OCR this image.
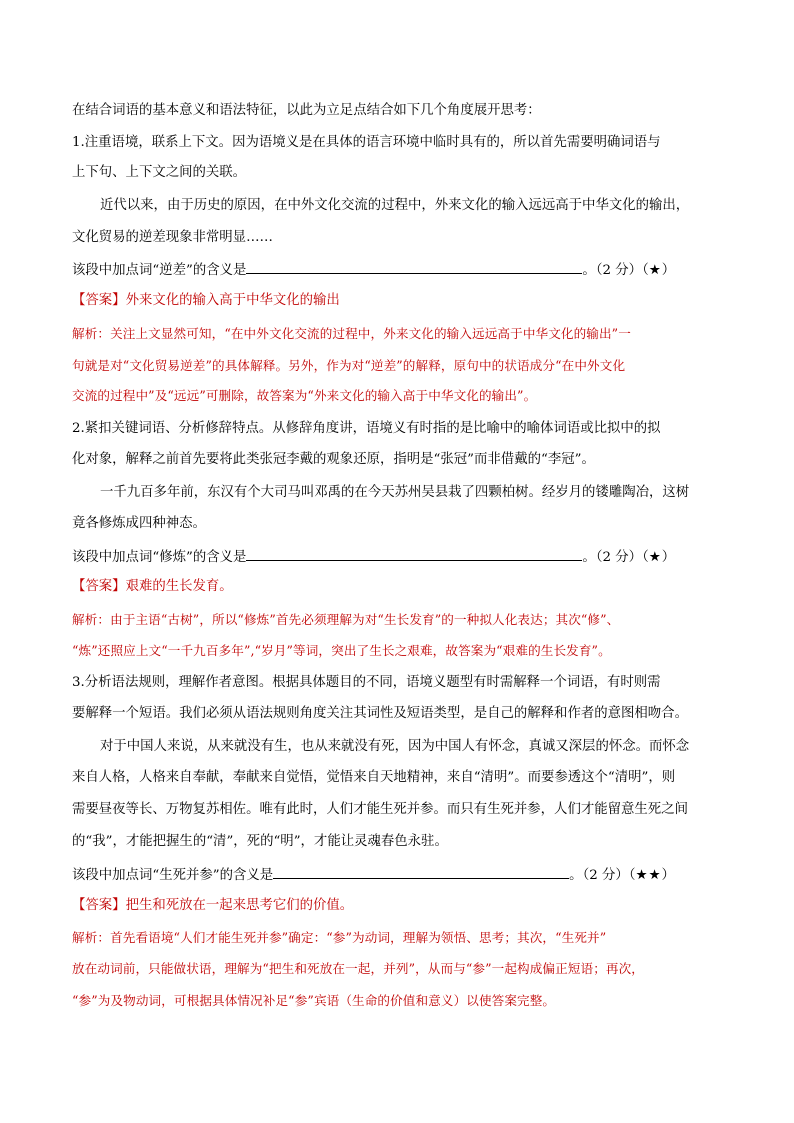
在结合词语的基本意义和语法特征，以此为立足点结合如下几个角度展开思考：
1.注重语境，联系上下文。因为语境义是在具体的语言环境中临时具有的，所以首先需要明确词语与
上下句、上下文之间的关联。
近代以来，由于历史的原因，在中外文化交流的过程中，外来文化的输入远远高于中华文化的输出，
文化贸易的逆差现象非常明显……
该段中加点词“逆差”的含义是	。（2 分）（★）
【答案】外来文化的输入高于中华文化的输出
解析：关注上文显然可知，“在中外文化交流的过程中，外来文化的输入远远高于中华文化的输出”一
句就是对“文化贸易逆差”的具体解释。另外，作为对“逆差”的解释，原句中的状语成分“在中外文化
交流的过程中”及“远远”可删除，故答案为“外来文化的输入高于中华文化的输出”。
2.紧扣关键词语、分析修辞特点。从修辞角度讲，语境义有时指的是比喻中的喻体词语或比拟中的拟
化对象，解释之前首先要将此类张冠李戴的观象还原，指明是“张冠”而非借戴的“李冠”。
一千九百多年前，东汉有个大司马叫邓禹的在今天苏州吴县栽了四颗柏树。经岁月的镂雕陶冶，这树
竟各修炼成四种神态。
该段中加点词“修炼”的含义是	。（2 分）（★）
【答案】艰难的生长发育。
解析：由于主语“古树”，所以“修炼”首先必须理解为对“生长发育”的一种拟人化表达；其次“修”、
“炼”还照应上文“一千九百多年”,“岁月”等词，突出了生长之艰难，故答案为“艰难的生长发育”。
3.分析语法规则，理解作者意图。根据具体题目的不同，语境义题型有时需解释一个词语，有时则需
要解释一个短语。我们必须从语法规则角度关注其词性及短语类型，是自己的解释和作者的意图相吻合。
对于中国人来说，从来就没有生，也从来就没有死，因为中国人有怀念，真诚又深层的怀念。而怀念
来自人格，人格来自奉献，奉献来自觉悟，觉悟来自天地精神，来自“清明”。而要参透这个“清明”，则
需要昼夜等长、万物复苏相佐。唯有此时，人们才能生死并参。而只有生死并参，人们才能留意生死之间
的“我”，才能把握生的“清”，死的“明”，才能让灵魂春色永驻。
该段中加点词“生死并参”的含义是	。（2 分）（★★）
【答案】把生和死放在一起来思考它们的价值。
解析：首先看语境“人们才能生死并参”确定：“参”为动词，理解为领悟、思考；其次，“生死并”
放在动词前，只能做状语，理解为“把生和死放在一起，并列”，从而与“参”一起构成偏正短语；再次，
“参”为及物动词，可根据具体情况补足“参”宾语（生命的价值和意义）以使答案完整。
